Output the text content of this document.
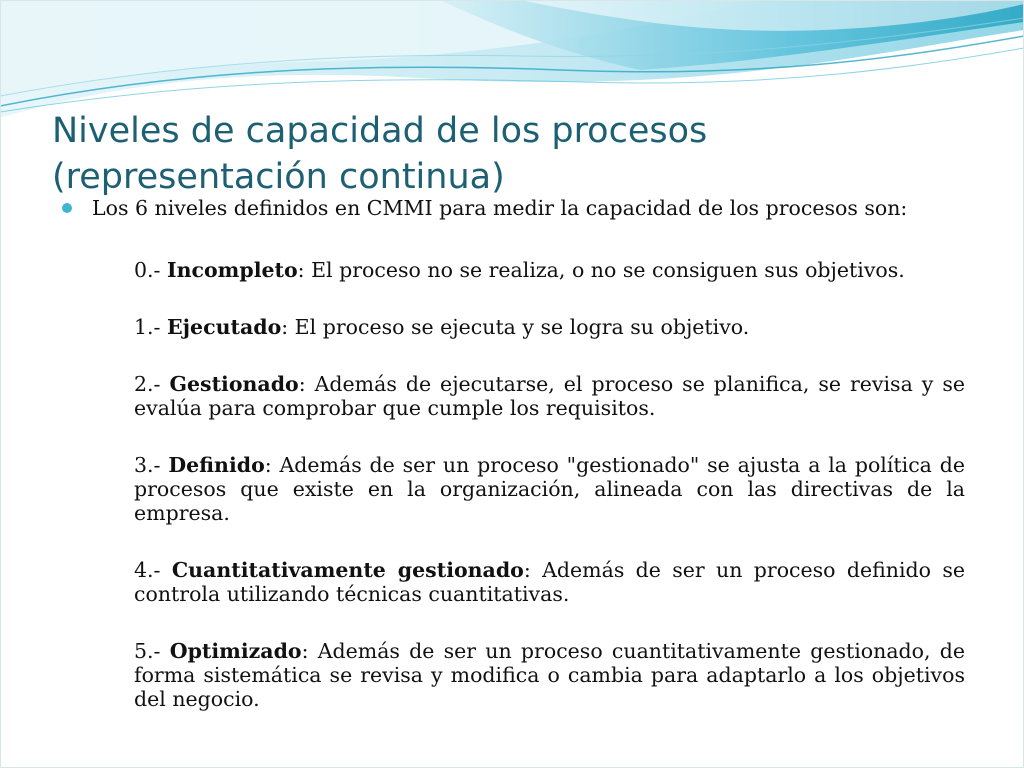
Niveles de capacidad de los procesos
(representación continua)
Los 6 niveles definidos en CMMI para medir la capacidad de los procesos son:
0.- Incompleto: El proceso no se realiza, o no se consiguen sus objetivos.
1.- Ejecutado: El proceso se ejecuta y se logra su objetivo.
2.- Gestionado: Además de ejecutarse, el proceso se planifica, se revisa y se evalúa para comprobar que cumple los requisitos.
3.- Definido: Además de ser un proceso "gestionado" se ajusta a la política de procesos que existe en la organización, alineada con las directivas de la empresa.
4.- Cuantitativamente gestionado: Además de ser un proceso definido se controla utilizando técnicas cuantitativas.
5.- Optimizado: Además de ser un proceso cuantitativamente gestionado, de forma sistemática se revisa y modifica o cambia para adaptarlo a los objetivos del negocio.
